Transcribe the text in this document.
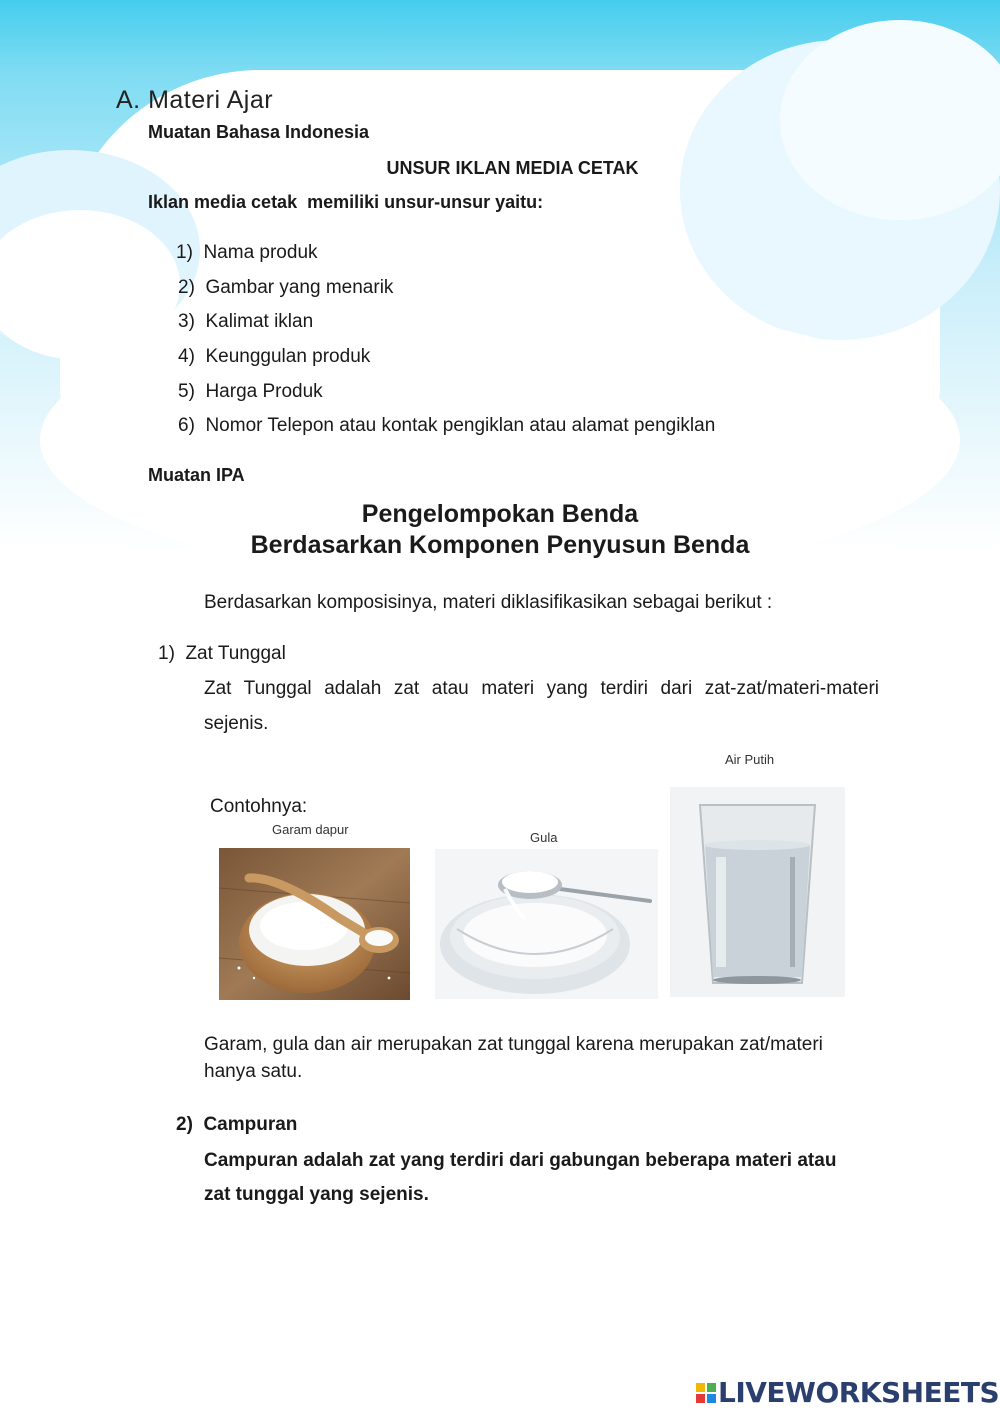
A. Materi Ajar
Muatan Bahasa Indonesia
UNSUR IKLAN MEDIA CETAK
Iklan media cetak  memiliki unsur-unsur yaitu:
1)  Nama produk
2)  Gambar yang menarik
3)  Kalimat iklan
4)  Keunggulan produk
5)  Harga Produk
6)  Nomor Telepon atau kontak pengiklan atau alamat pengiklan
Muatan IPA
Pengelompokan Benda
Berdasarkan Komponen Penyusun Benda
Berdasarkan komposisinya, materi diklasifikasikan sebagai berikut :
1)  Zat Tunggal
Zat Tunggal adalah zat atau materi yang terdiri dari zat-zat/materi-materi
sejenis.
Contohnya:
Garam dapur
Gula
Air Putih
Garam, gula dan air merupakan zat tunggal karena merupakan zat/materi
hanya satu.
2)  Campuran
Campuran adalah zat yang terdiri dari gabungan beberapa materi atau
zat tunggal yang sejenis.
LIVEWORKSHEETS
